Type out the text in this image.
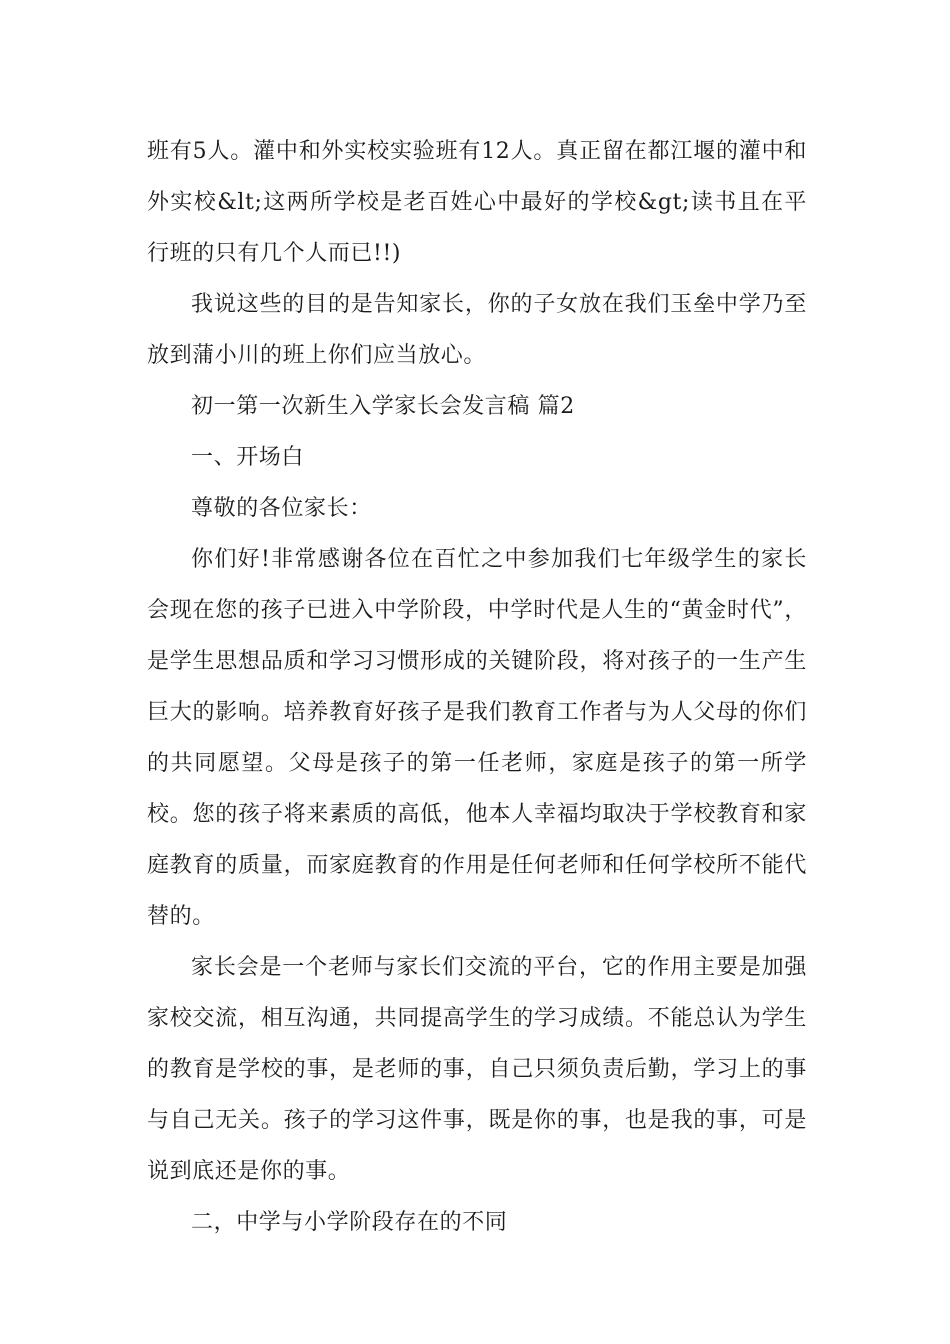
班有5人。灌中和外实校实验班有12人。真正留在都江堰的灌中和外实校&lt;这两所学校是老百姓心中最好的学校&gt;读书且在平行班的只有几个人而已!!)

我说这些的目的是告知家长，你的子女放在我们玉垒中学乃至放到蒲小川的班上你们应当放心。

初一第一次新生入学家长会发言稿 篇2

一、开场白

尊敬的各位家长：

你们好!非常感谢各位在百忙之中参加我们七年级学生的家长会现在您的孩子已进入中学阶段，中学时代是人生的“黄金时代”，是学生思想品质和学习习惯形成的关键阶段，将对孩子的一生产生巨大的影响。培养教育好孩子是我们教育工作者与为人父母的你们的共同愿望。父母是孩子的第一任老师，家庭是孩子的第一所学校。您的孩子将来素质的高低，他本人幸福均取决于学校教育和家庭教育的质量，而家庭教育的作用是任何老师和任何学校所不能代替的。

家长会是一个老师与家长们交流的平台，它的作用主要是加强家校交流，相互沟通，共同提高学生的学习成绩。不能总认为学生的教育是学校的事，是老师的事，自己只须负责后勤，学习上的事与自己无关。孩子的学习这件事，既是你的事，也是我的事，可是说到底还是你的事。

二，中学与小学阶段存在的不同
